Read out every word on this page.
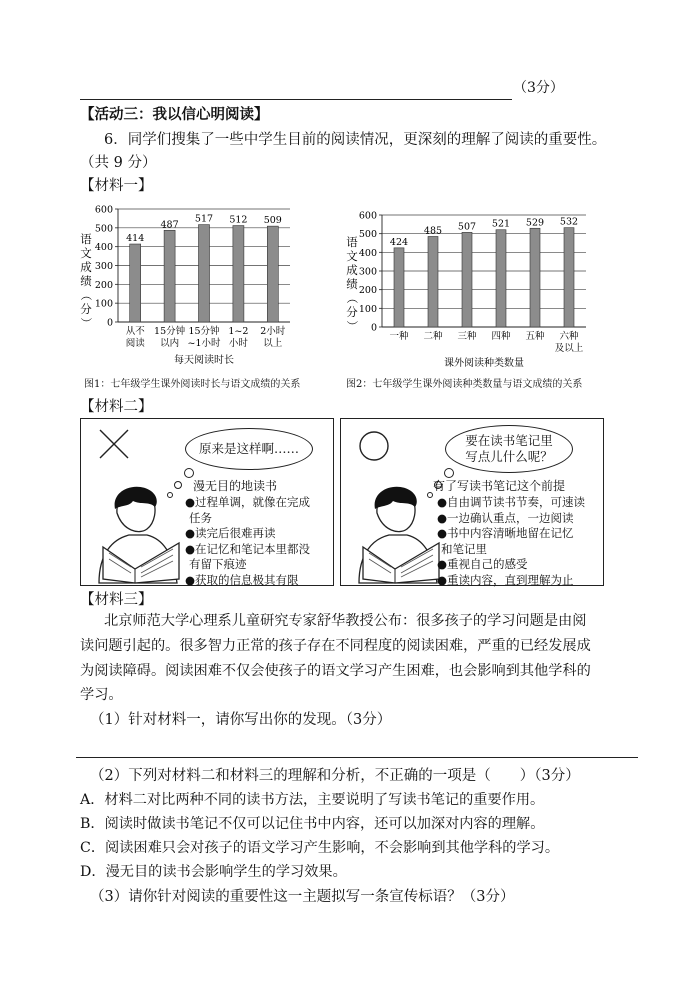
（3分）
【活动三：我以信心明阅读】
6．同学们搜集了一些中学生目前的阅读情况，更深刻的理解了阅读的重要性。
（共 9 分）
【材料一】
0
100
200
300
400
500
600
语
文
成
绩
（
分
）
414
从不
阅读
487
15分钟
以内
517
15分钟
~1小时
512
1~2
小时
509
2小时
以上
每天阅读时长
0
100
200
300
400
500
600
语
文
成
绩
（
分
）
424
一种
485
二种
507
三种
521
四种
529
五种
532
六种
及以上
课外阅读种类数量
图1：七年级学生课外阅读时长与语文成绩的关系	图2：七年级学生课外阅读种类数量与语文成绩的关系
【材料二】
原来是这样啊……
漫无目的地读书
●过程单调，就像在完成
任务
●读完后很难再读
●在记忆和笔记本里都没
有留下痕迹
●获取的信息极其有限
要在读书笔记里
写点儿什么呢？
有了写读书笔记这个前提
●自由调节读书节奏，可速读
●一边确认重点，一边阅读
●书中内容清晰地留在记忆
和笔记里
●重视自己的感受
●重读内容，直到理解为止
【材料三】
北京师范大学心理系儿童研究专家舒华教授公布：很多孩子的学习问题是由阅
读问题引起的。很多智力正常的孩子存在不同程度的阅读困难，严重的已经发展成
为阅读障碍。阅读困难不仅会使孩子的语文学习产生困难，也会影响到其他学科的
学习。
（1）针对材料一，请你写出你的发现。（3分）
（2）下列对材料二和材料三的理解和分析，不正确的一项是（　　）（3分）
A．材料二对比两种不同的读书方法，主要说明了写读书笔记的重要作用。
B．阅读时做读书笔记不仅可以记住书中内容，还可以加深对内容的理解。
C．阅读困难只会对孩子的语文学习产生影响，不会影响到其他学科的学习。
D．漫无目的读书会影响学生的学习效果。
（3）请你针对阅读的重要性这一主题拟写一条宣传标语？（3分）
